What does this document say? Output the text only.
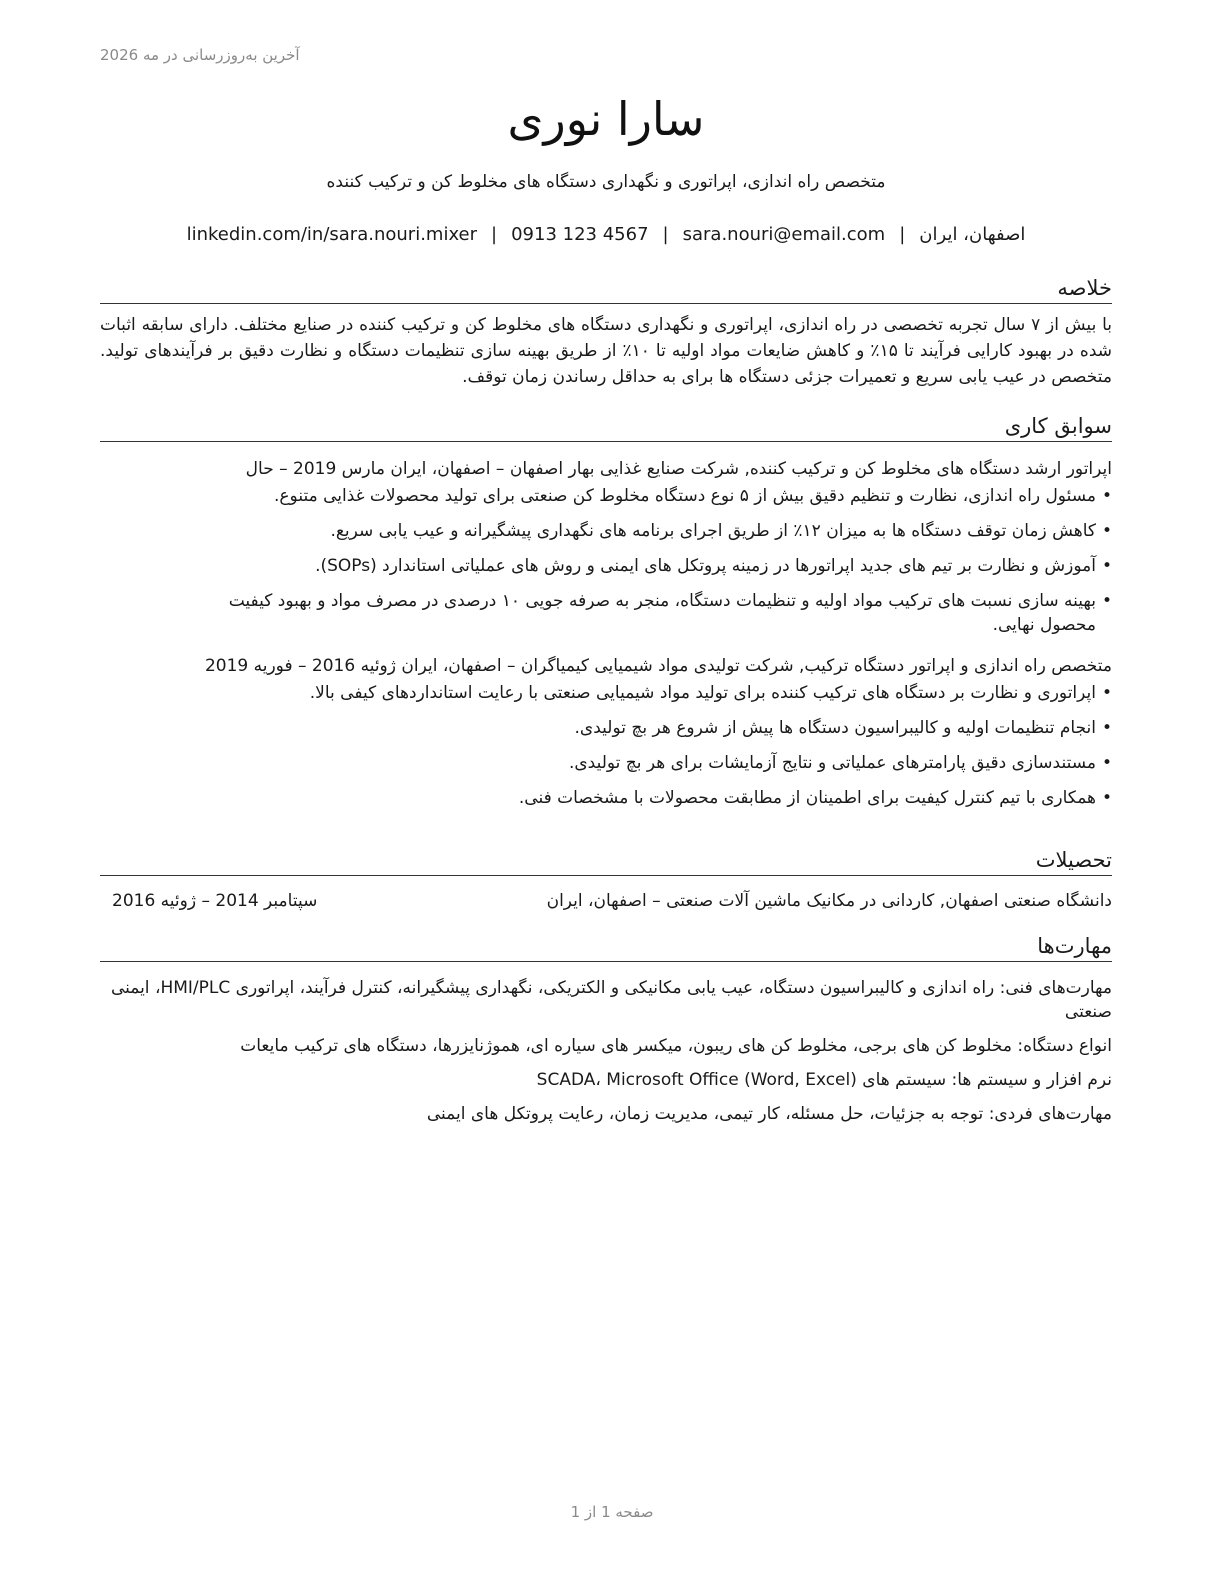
آخرین به‌روزرسانی در مه 2026
سارا نوری

متخصص راه اندازی، اپراتوری و نگهداری دستگاه های مخلوط کن و ترکیب کننده

اصفهان، ایران|sara.nouri@email.com|0913 123 4567|linkedin.com/in/sara.nouri.mixer

خلاصه

با بیش از ۷ سال تجربه تخصصی در راه اندازی، اپراتوری و نگهداری دستگاه های مخلوط کن و ترکیب کننده در صنایع مختلف. دارای سابقه اثبات شده در بهبود کارایی فرآیند تا ۱۵٪ و کاهش ضایعات مواد اولیه تا ۱۰٪ از طریق بهینه سازی تنظیمات دستگاه و نظارت دقیق بر فرآیندهای تولید. متخصص در عیب یابی سریع و تعمیرات جزئی دستگاه ها برای به حداقل رساندن زمان توقف.

سوابق کاری

اپراتور ارشد دستگاه های مخلوط کن و ترکیب کننده, شرکت صنایع غذایی بهار اصفهان – اصفهان، ایران مارس 2019 – حال

• مسئول راه اندازی، نظارت و تنظیم دقیق بیش از ۵ نوع دستگاه مخلوط کن صنعتی برای تولید محصولات غذایی متنوع.
• کاهش زمان توقف دستگاه ها به میزان ۱۲٪ از طریق اجرای برنامه های نگهداری پیشگیرانه و عیب یابی سریع.
• آموزش و نظارت بر تیم های جدید اپراتورها در زمینه پروتکل های ایمنی و روش های عملیاتی استاندارد (SOPs).
• بهینه سازی نسبت های ترکیب مواد اولیه و تنظیمات دستگاه، منجر به صرفه جویی ۱۰ درصدی در مصرف مواد و بهبود کیفیت محصول نهایی.

متخصص راه اندازی و اپراتور دستگاه ترکیب, شرکت تولیدی مواد شیمیایی کیمیاگران – اصفهان، ایران ژوئیه 2016 – فوریه 2019

• اپراتوری و نظارت بر دستگاه های ترکیب کننده برای تولید مواد شیمیایی صنعتی با رعایت استانداردهای کیفی بالا.
• انجام تنظیمات اولیه و کالیبراسیون دستگاه ها پیش از شروع هر بچ تولیدی.
• مستندسازی دقیق پارامترهای عملیاتی و نتایج آزمایشات برای هر بچ تولیدی.
• همکاری با تیم کنترل کیفیت برای اطمینان از مطابقت محصولات با مشخصات فنی.
تحصیلات
دانشگاه صنعتی اصفهان, کاردانی در مکانیک ماشین آلات صنعتی – اصفهان، ایران
سپتامبر 2014 – ژوئیه 2016
مهارت‌ها

مهارت‌های فنی: راه اندازی و کالیبراسیون دستگاه، عیب یابی مکانیکی و الکتریکی، نگهداری پیشگیرانه، کنترل فرآیند، اپراتوری HMI/PLC، ایمنی صنعتی

انواع دستگاه: مخلوط کن های برجی، مخلوط کن های ریبون، میکسر های سیاره ای، هموژنایزرها، دستگاه های ترکیب مایعات

نرم افزار و سیستم ها: سیستم های SCADA، Microsoft Office (Word, Excel)

مهارت‌های فردی: توجه به جزئیات، حل مسئله، کار تیمی، مدیریت زمان، رعایت پروتکل های ایمنی

صفحه 1 از 1
